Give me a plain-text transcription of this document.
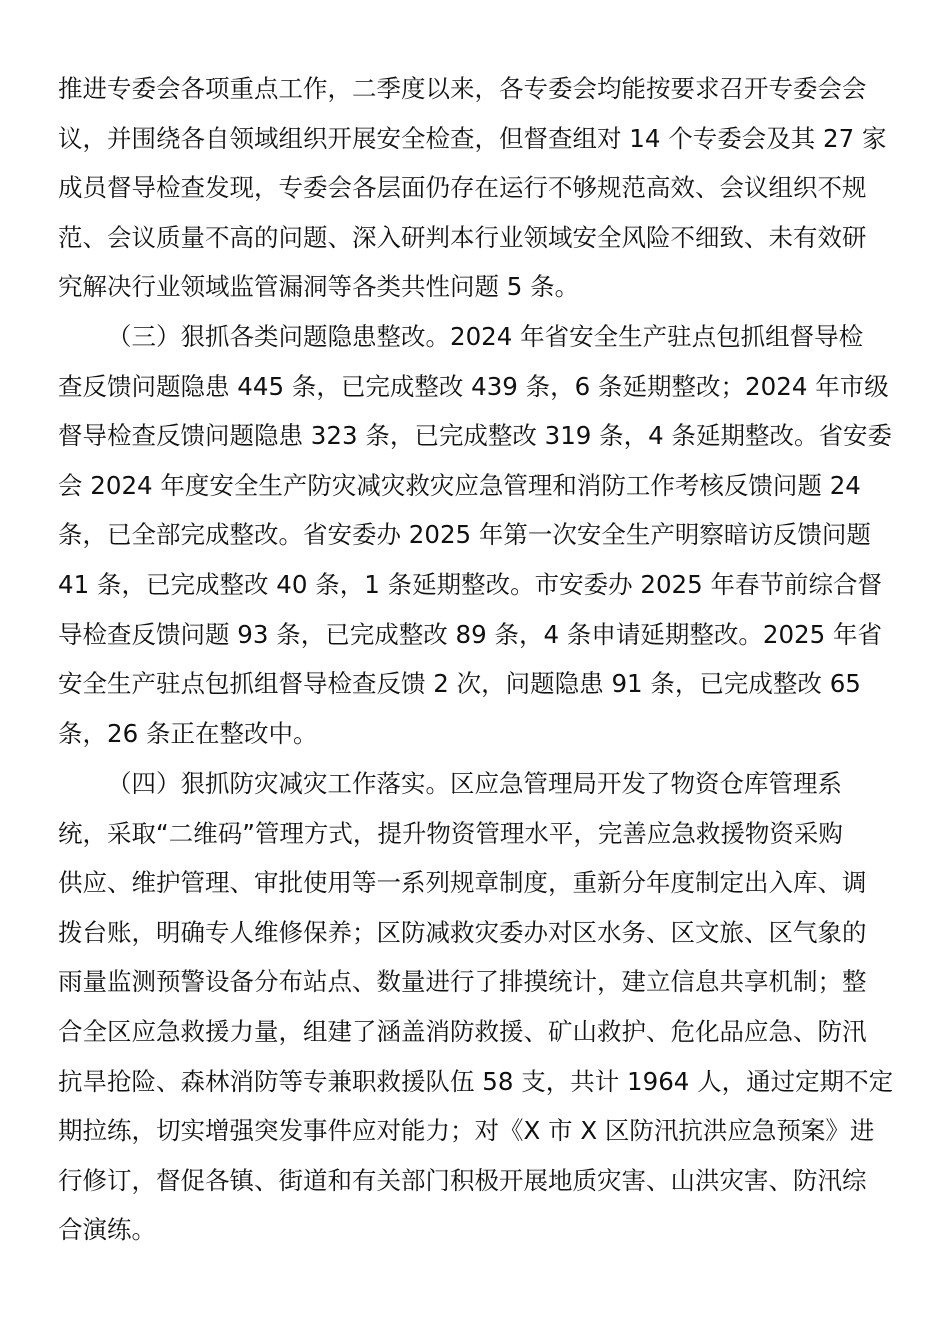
推进专委会各项重点工作，二季度以来，各专委会均能按要求召开专委会会
议，并围绕各自领域组织开展安全检查，但督查组对 14 个专委会及其 27 家
成员督导检查发现，专委会各层面仍存在运行不够规范高效、会议组织不规
范、会议质量不高的问题、深入研判本行业领域安全风险不细致、未有效研
究解决行业领域监管漏洞等各类共性问题 5 条。
（三）狠抓各类问题隐患整改。2024 年省安全生产驻点包抓组督导检
查反馈问题隐患 445 条，已完成整改 439 条，6 条延期整改；2024 年市级
督导检查反馈问题隐患 323 条，已完成整改 319 条，4 条延期整改。省安委
会 2024 年度安全生产防灾减灾救灾应急管理和消防工作考核反馈问题 24
条，已全部完成整改。省安委办 2025 年第一次安全生产明察暗访反馈问题
41 条，已完成整改 40 条，1 条延期整改。市安委办 2025 年春节前综合督
导检查反馈问题 93 条，已完成整改 89 条，4 条申请延期整改。2025 年省
安全生产驻点包抓组督导检查反馈 2 次，问题隐患 91 条，已完成整改 65
条，26 条正在整改中。
（四）狠抓防灾减灾工作落实。区应急管理局开发了物资仓库管理系
统，采取“二维码”管理方式，提升物资管理水平，完善应急救援物资采购
供应、维护管理、审批使用等一系列规章制度，重新分年度制定出入库、调
拨台账，明确专人维修保养；区防减救灾委办对区水务、区文旅、区气象的
雨量监测预警设备分布站点、数量进行了排摸统计，建立信息共享机制；整
合全区应急救援力量，组建了涵盖消防救援、矿山救护、危化品应急、防汛
抗旱抢险、森林消防等专兼职救援队伍 58 支，共计 1964 人，通过定期不定
期拉练，切实增强突发事件应对能力；对《X 市 X 区防汛抗洪应急预案》进
行修订，督促各镇、街道和有关部门积极开展地质灾害、山洪灾害、防汛综
合演练。
